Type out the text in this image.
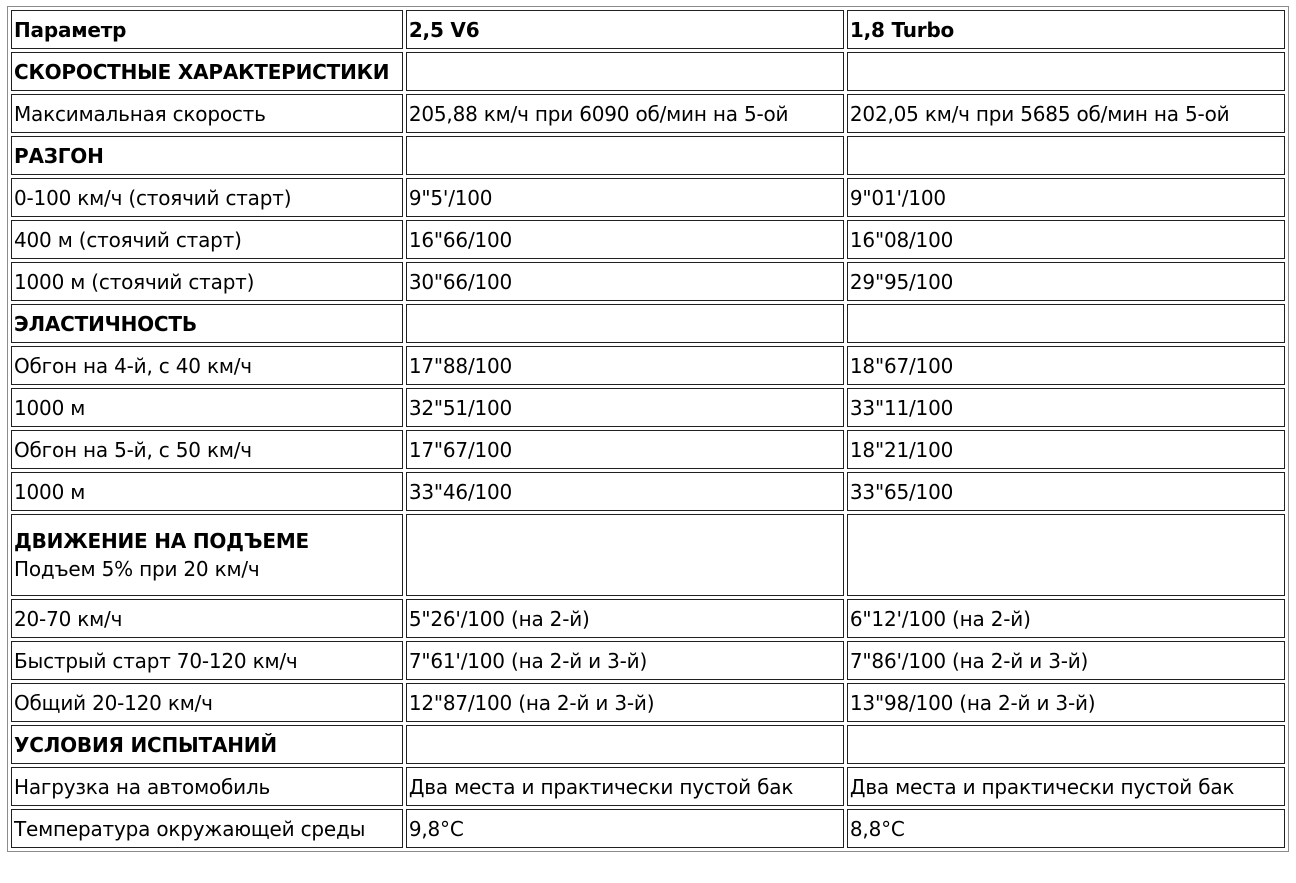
Параметр	2,5 V6	1,8 Turbo

СКОРОСТНЫЕ ХАРАКТЕРИСТИКИ		

Максимальная скорость	205,88 км/ч при 6090 об/мин на 5-ой	202,05 км/ч при 5685 об/мин на 5-ой

РАЗГОН		

0-100 км/ч (стоячий старт)	9"5'/100	9"01'/100
400 м (стоячий старт)	16"66/100	16"08/100
1000 м (стоячий старт)	30"66/100	29"95/100

ЭЛАСТИЧНОСТЬ		

Обгон на 4-й, с 40 км/ч	17"88/100	18"67/100
1000 м	32"51/100	33"11/100
Обгон на 5-й, с 50 км/ч	17"67/100	18"21/100
1000 м	33"46/100	33"65/100

ДВИЖЕНИЕ НА ПОДЪЕМЕ
Подъем 5% при 20 км/ч		

20-70 км/ч	5"26'/100 (на 2-й)	6"12'/100 (на 2-й)
Быстрый старт 70-120 км/ч	7"61'/100 (на 2-й и 3-й)	7"86'/100 (на 2-й и 3-й)
Общий 20-120 км/ч	12"87/100 (на 2-й и 3-й)	13"98/100 (на 2-й и 3-й)

УСЛОВИЯ ИСПЫТАНИЙ		

Нагрузка на автомобиль	Два места и практически пустой бак	Два места и практически пустой бак
Температура окружающей среды	9,8°C	8,8°C
